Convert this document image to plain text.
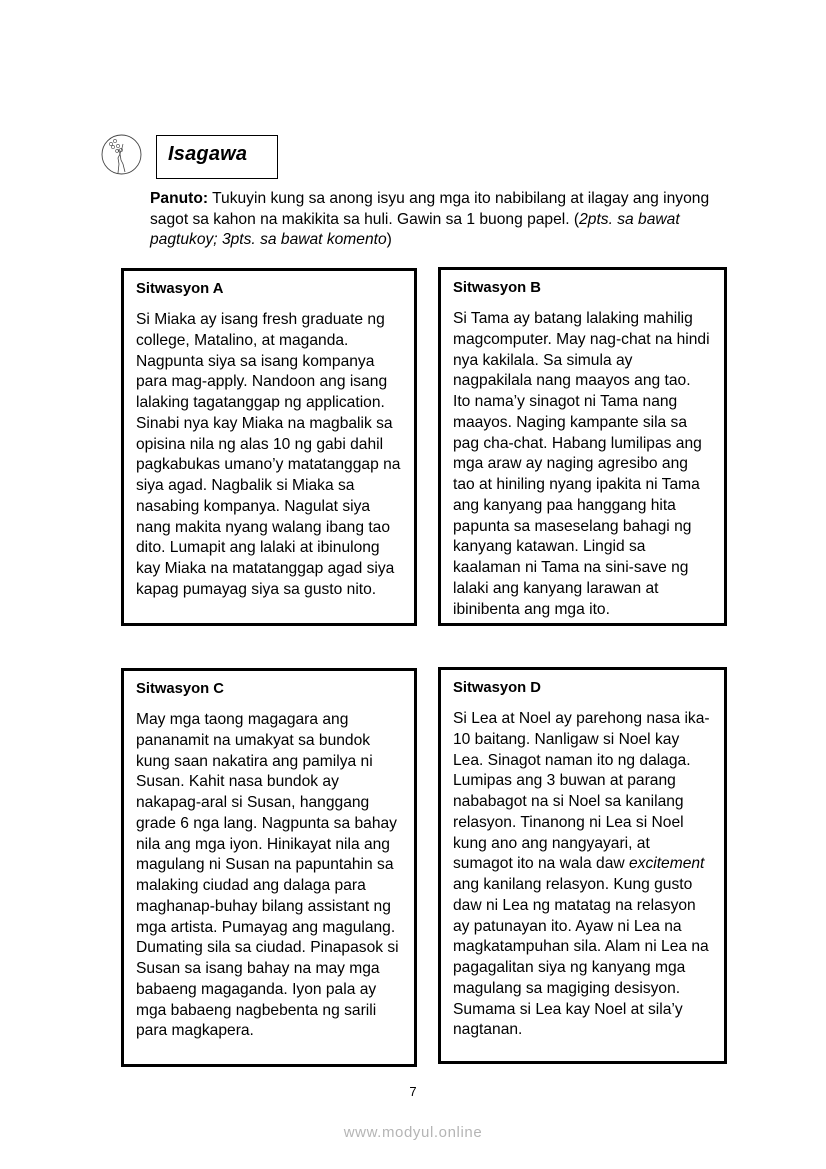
Isagawa
Panuto: Tukuyin kung sa anong isyu ang mga ito nabibilang at ilagay ang inyong sagot sa kahon na makikita sa huli. Gawin sa 1 buong papel. (2pts. sa bawat pagtukoy; 3pts. sa bawat komento)
Sitwasyon A
Si Miaka ay isang fresh graduate ng college, Matalino, at maganda. Nagpunta siya sa isang kompanya para mag-apply. Nandoon ang isang lalaking tagatanggap ng application. Sinabi nya kay Miaka na magbalik sa opisina nila ng alas 10 ng gabi dahil pagkabukas umano’y matatanggap na siya agad. Nagbalik si Miaka sa nasabing kompanya. Nagulat siya nang makita nyang walang ibang tao dito. Lumapit ang lalaki at ibinulong kay Miaka na matatanggap agad siya kapag pumayag siya sa gusto nito.
Sitwasyon B
Si Tama ay batang lalaking mahilig magcomputer. May nag-chat na hindi nya kakilala. Sa simula ay nagpakilala nang maayos ang tao. Ito nama’y sinagot ni Tama nang maayos. Naging kampante sila sa pag cha-chat. Habang lumilipas ang mga araw ay naging agresibo ang tao at hiniling nyang ipakita ni Tama ang kanyang paa hanggang hita papunta sa maseselang bahagi ng kanyang katawan. Lingid sa kaalaman ni Tama na sini-save ng lalaki ang kanyang larawan at ibinibenta ang mga ito.
Sitwasyon C
May mga taong magagara ang pananamit na umakyat sa bundok kung saan nakatira ang pamilya ni Susan. Kahit nasa bundok ay nakapag-aral si Susan, hanggang grade 6 nga lang. Nagpunta sa bahay nila ang mga iyon. Hinikayat nila ang magulang ni Susan na papuntahin sa malaking ciudad ang dalaga para maghanap-buhay bilang assistant ng mga artista. Pumayag ang magulang. Dumating sila sa ciudad. Pinapasok si Susan sa isang bahay na may mga babaeng magaganda. Iyon pala ay mga babaeng nagbebenta ng sarili para magkapera.
Sitwasyon D
Si Lea at Noel ay parehong nasa ika-10 baitang. Nanligaw si Noel kay Lea. Sinagot naman ito ng dalaga. Lumipas ang 3 buwan at parang nababagot na si Noel sa kanilang relasyon. Tinanong ni Lea si Noel kung ano ang nangyayari, at sumagot ito na wala daw excitement ang kanilang relasyon. Kung gusto daw ni Lea ng matatag na relasyon ay patunayan ito. Ayaw ni Lea na magkatampuhan sila. Alam ni Lea na pagagalitan siya ng kanyang mga magulang sa magiging desisyon. Sumama si Lea kay Noel at sila’y nagtanan.
7
www.modyul.online
